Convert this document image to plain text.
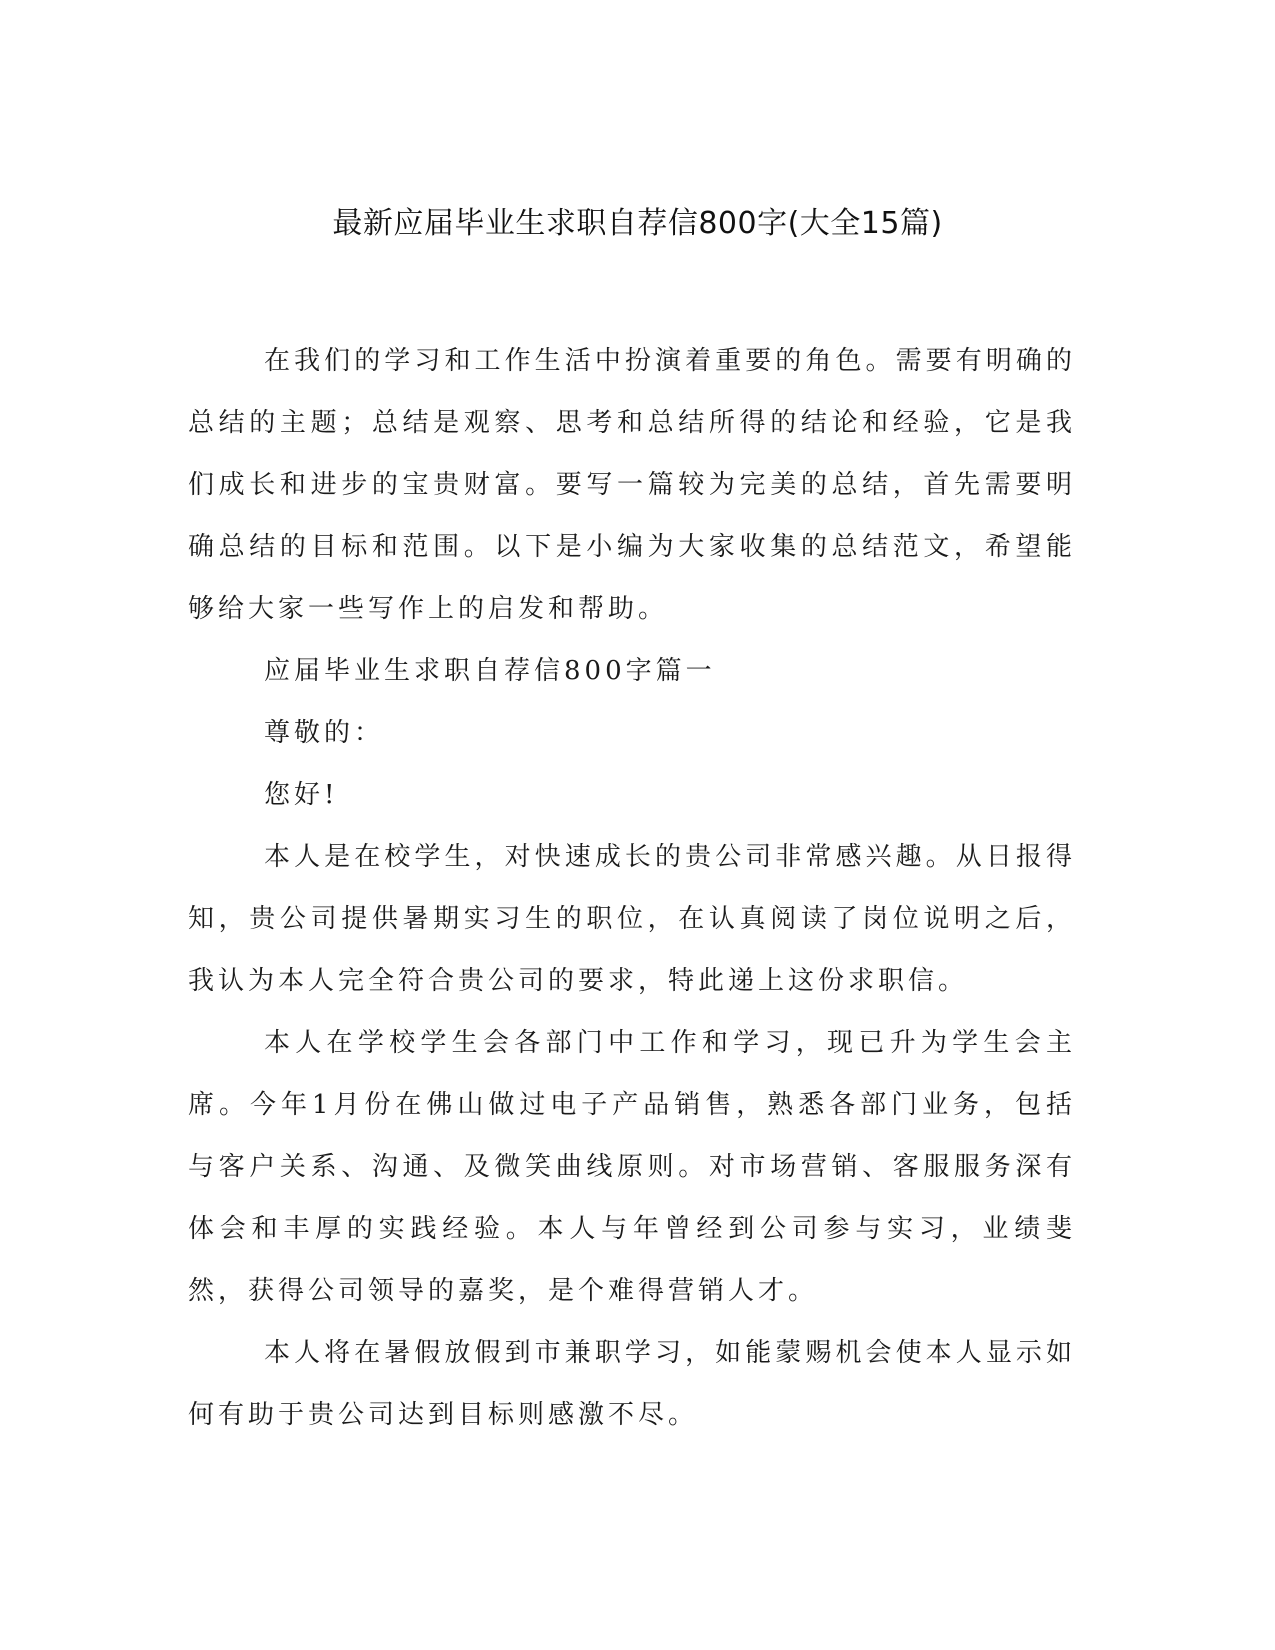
最新应届毕业生求职自荐信800字(大全15篇)

在我们的学习和工作生活中扮演着重要的角色。需要有明确的总结的主题；总结是观察、思考和总结所得的结论和经验，它是我们成长和进步的宝贵财富。要写一篇较为完美的总结，首先需要明确总结的目标和范围。以下是小编为大家收集的总结范文，希望能够给大家一些写作上的启发和帮助。

应届毕业生求职自荐信800字篇一

尊敬的：

您好!

本人是在校学生，对快速成长的贵公司非常感兴趣。从日报得知，贵公司提供暑期实习生的职位，在认真阅读了岗位说明之后，我认为本人完全符合贵公司的要求，特此递上这份求职信。

本人在学校学生会各部门中工作和学习，现已升为学生会主席。今年1月份在佛山做过电子产品销售，熟悉各部门业务，包括与客户关系、沟通、及微笑曲线原则。对市场营销、客服服务深有体会和丰厚的实践经验。本人与年曾经到公司参与实习，业绩斐然，获得公司领导的嘉奖，是个难得营销人才。

本人将在暑假放假到市兼职学习，如能蒙赐机会使本人显示如何有助于贵公司达到目标则感激不尽。
